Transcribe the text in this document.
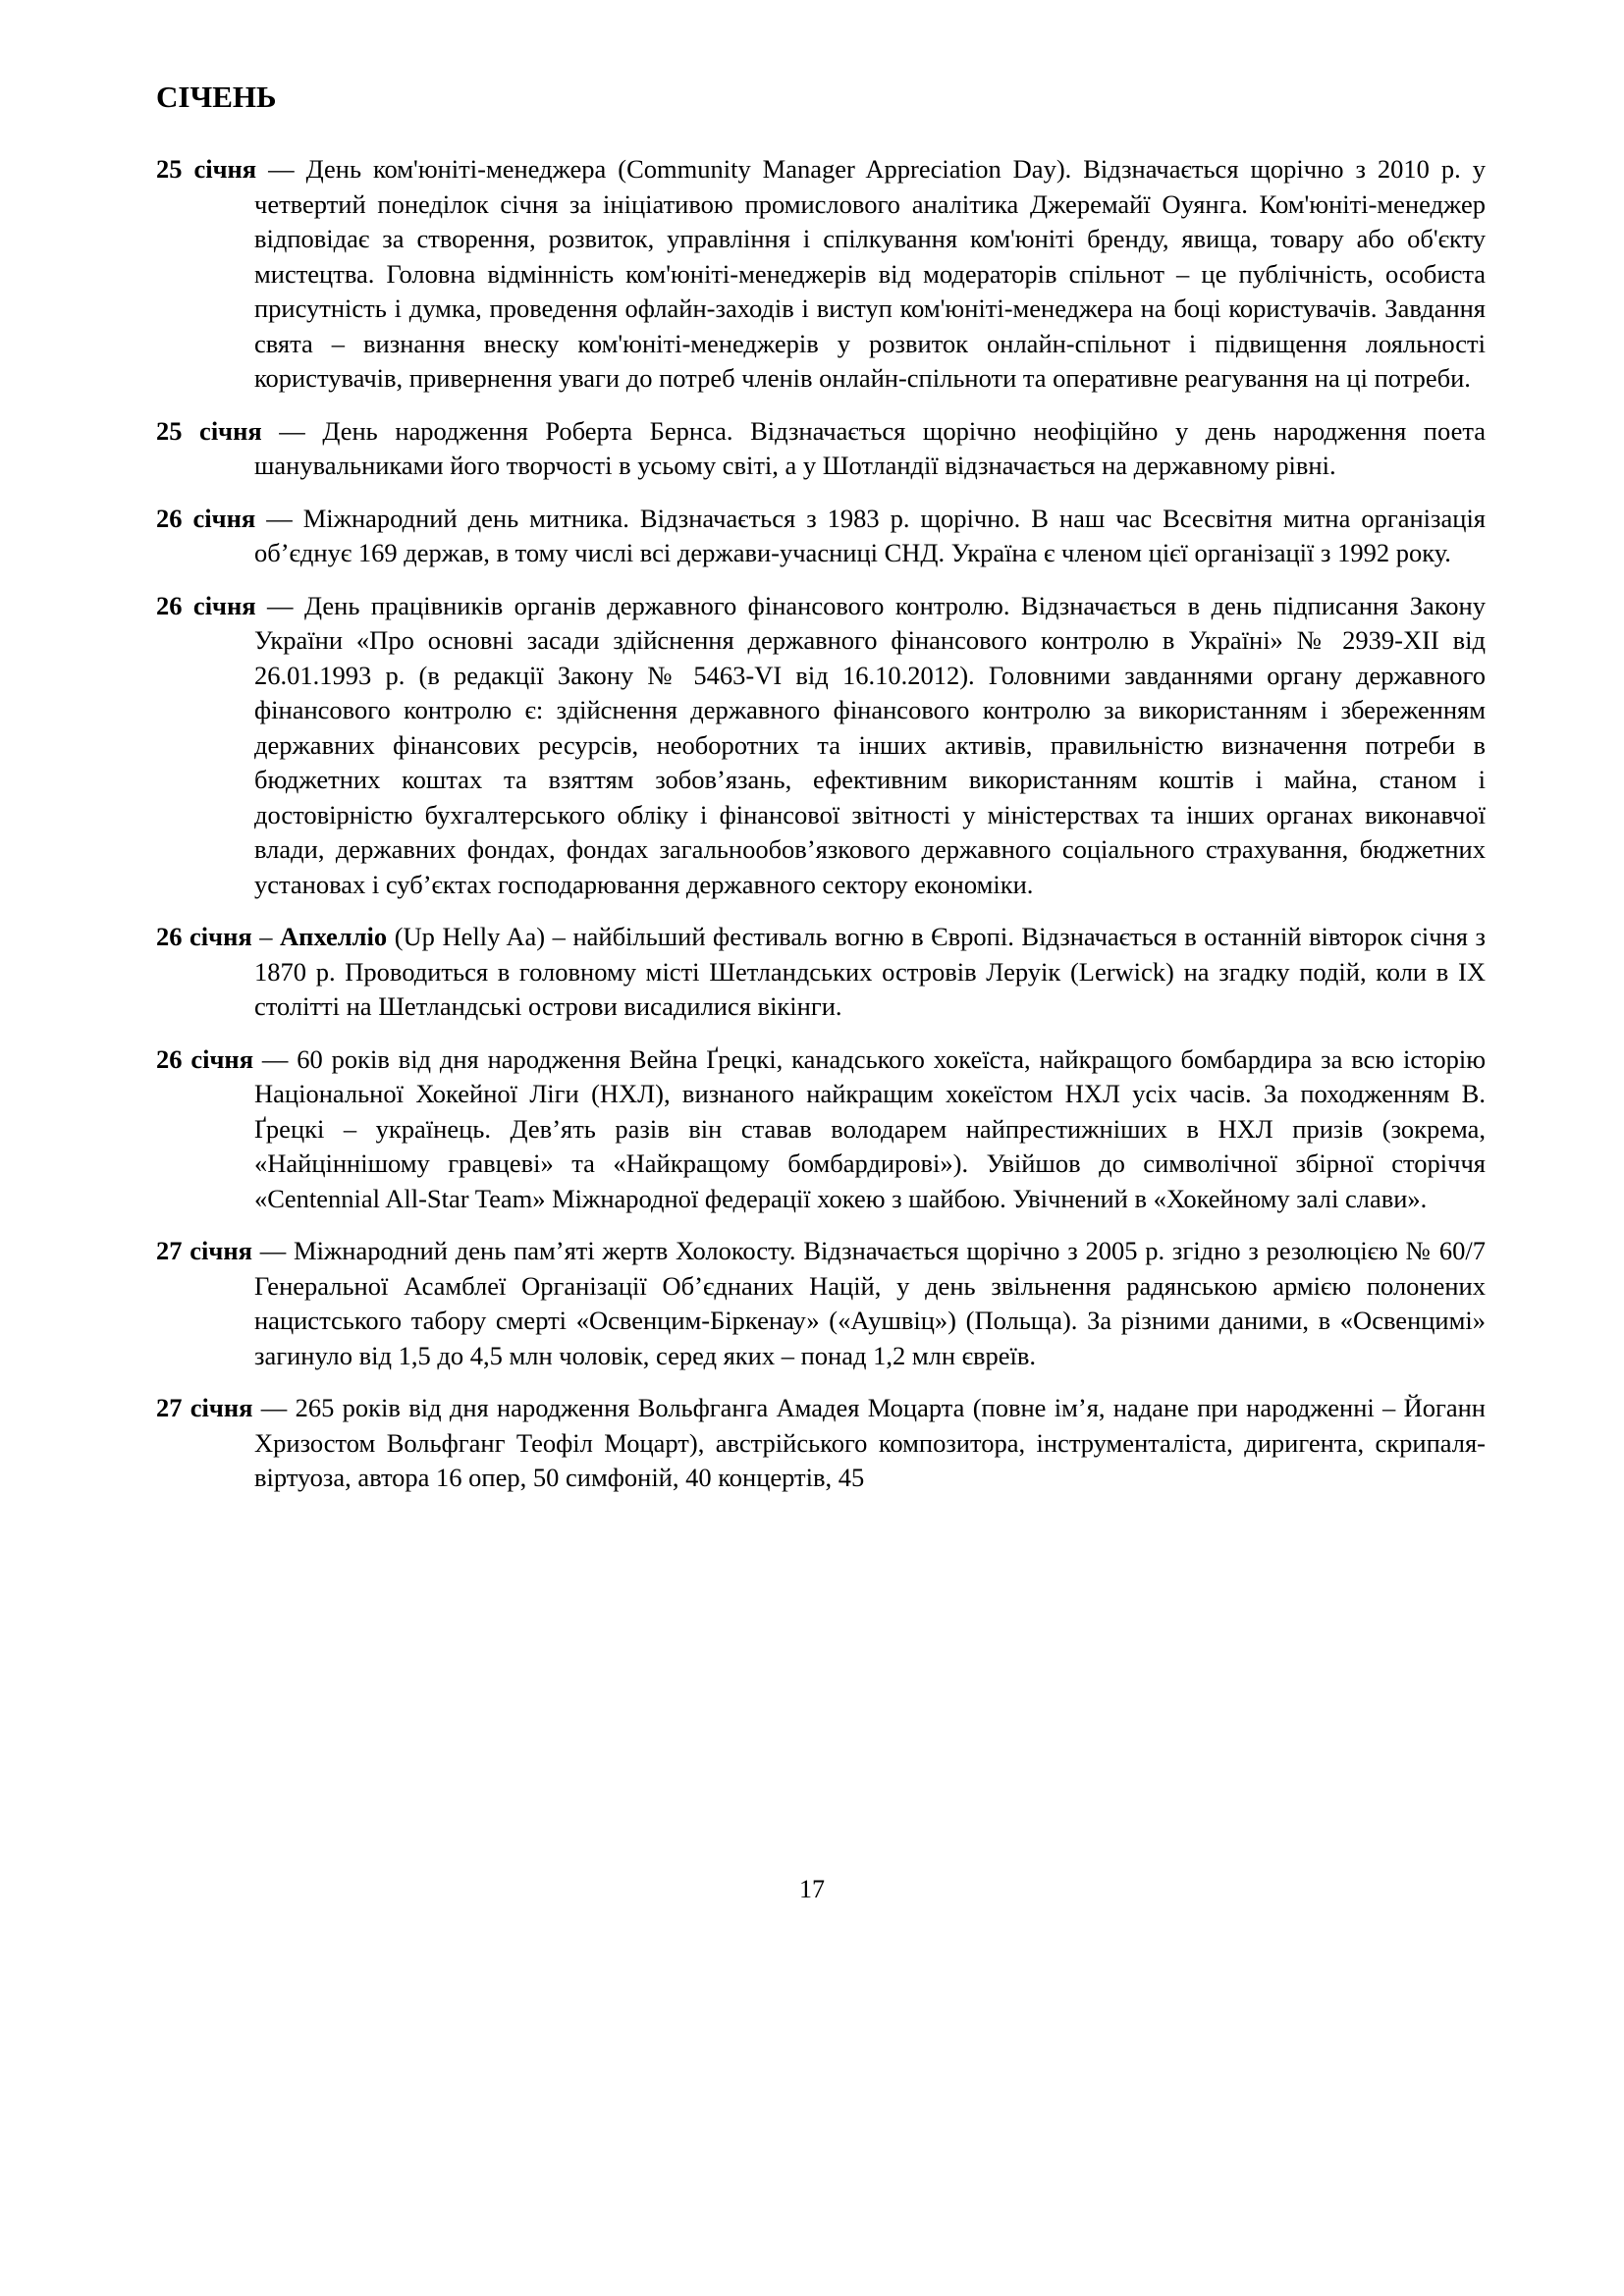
СІЧЕНЬ

25 січня — День ком'юніті-менеджера (Community Manager Appreciation Day). Відзначається щорічно з 2010 р. у четвертий понеділок січня за ініціативою промислового аналітика Джеремайї Оуянга. Ком'юніті-менеджер відповідає за створення, розвиток, управління і спілкування ком'юніті бренду, явища, товару або об'єкту мистецтва. Головна відмінність ком'юніті-менеджерів від модераторів спільнот – це публічність, особиста присутність і думка, проведення офлайн-заходів і виступ ком'юніті-менеджера на боці користувачів. Завдання свята – визнання внеску ком'юніті-менеджерів у розвиток онлайн-спільнот і підвищення лояльності користувачів, привернення уваги до потреб членів онлайн-спільноти та оперативне реагування на ці потреби.

25 січня — День народження Роберта Бернса. Відзначається щорічно неофіційно у день народження поета шанувальниками його творчості в усьому світі, а у Шотландії відзначається на державному рівні.

26 січня — Міжнародний день митника. Відзначається з 1983 р. щорічно. В наш час Всесвітня митна організація об’єднує 169 держав, в тому числі всі держави-учасниці СНД. Україна є членом цієї організації з 1992 року.

26 січня — День працівників органів державного фінансового контролю. Відзначається в день підписання Закону України «Про основні засади здійснення державного фінансового контролю в Україні» № 2939-XII від 26.01.1993 р. (в редакції Закону № 5463-VI від 16.10.2012). Головними завданнями органу державного фінансового контролю є: здійснення державного фінансового контролю за використанням і збереженням державних фінансових ресурсів, необоротних та інших активів, правильністю визначення потреби в бюджетних коштах та взяттям зобов’язань, ефективним використанням коштів і майна, станом і достовірністю бухгалтерського обліку і фінансової звітності у міністерствах та інших органах виконавчої влади, державних фондах, фондах загальнообов’язкового державного соціального страхування, бюджетних установах і суб’єктах господарювання державного сектору економіки.

26 січня – Апхелліо (Up Helly Aa) – найбільший фестиваль вогню в Європі. Відзначається в останній вівторок січня з 1870 р. Проводиться в головному місті Шетландських островів Леруік (Lerwick) на згадку подій, коли в IX столітті на Шетландські острови висадилися вікінги.

26 січня — 60 років від дня народження Вейна Ґрецкі, канадського хокеїста, найкращого бомбардира за всю історію Національної Хокейної Ліги (НХЛ), визнаного найкращим хокеїстом НХЛ усіх часів. За походженням В. Ґрецкі – українець. Дев’ять разів він ставав володарем найпрестижніших в НХЛ призів (зокрема, «Найціннішому гравцеві» та «Найкращому бомбардирові»). Увійшов до символічної збірної сторіччя «Centennial All-Star Team» Міжнародної федерації хокею з шайбою. Увічнений в «Хокейному залі слави».

27 січня — Міжнародний день пам’яті жертв Холокосту. Відзначається щорічно з 2005 р. згідно з резолюцією № 60/7 Генеральної Асамблеї Організації Об’єднаних Націй, у день звільнення радянською армією полонених нацистського табору смерті «Освенцим-Біркенау» («Аушвіц») (Польща). За різними даними, в «Освенцимі» загинуло від 1,5 до 4,5 млн чоловік, серед яких – понад 1,2 млн євреїв.

27 січня — 265 років від дня народження Вольфганга Амадея Моцарта (повне ім’я, надане при народженні – Йоганн Хризостом Вольфганг Теофіл Моцарт), австрійського композитора, інструменталіста, диригента, скрипаля-віртуоза, автора 16 опер, 50 симфоній, 40 концертів, 45

17
